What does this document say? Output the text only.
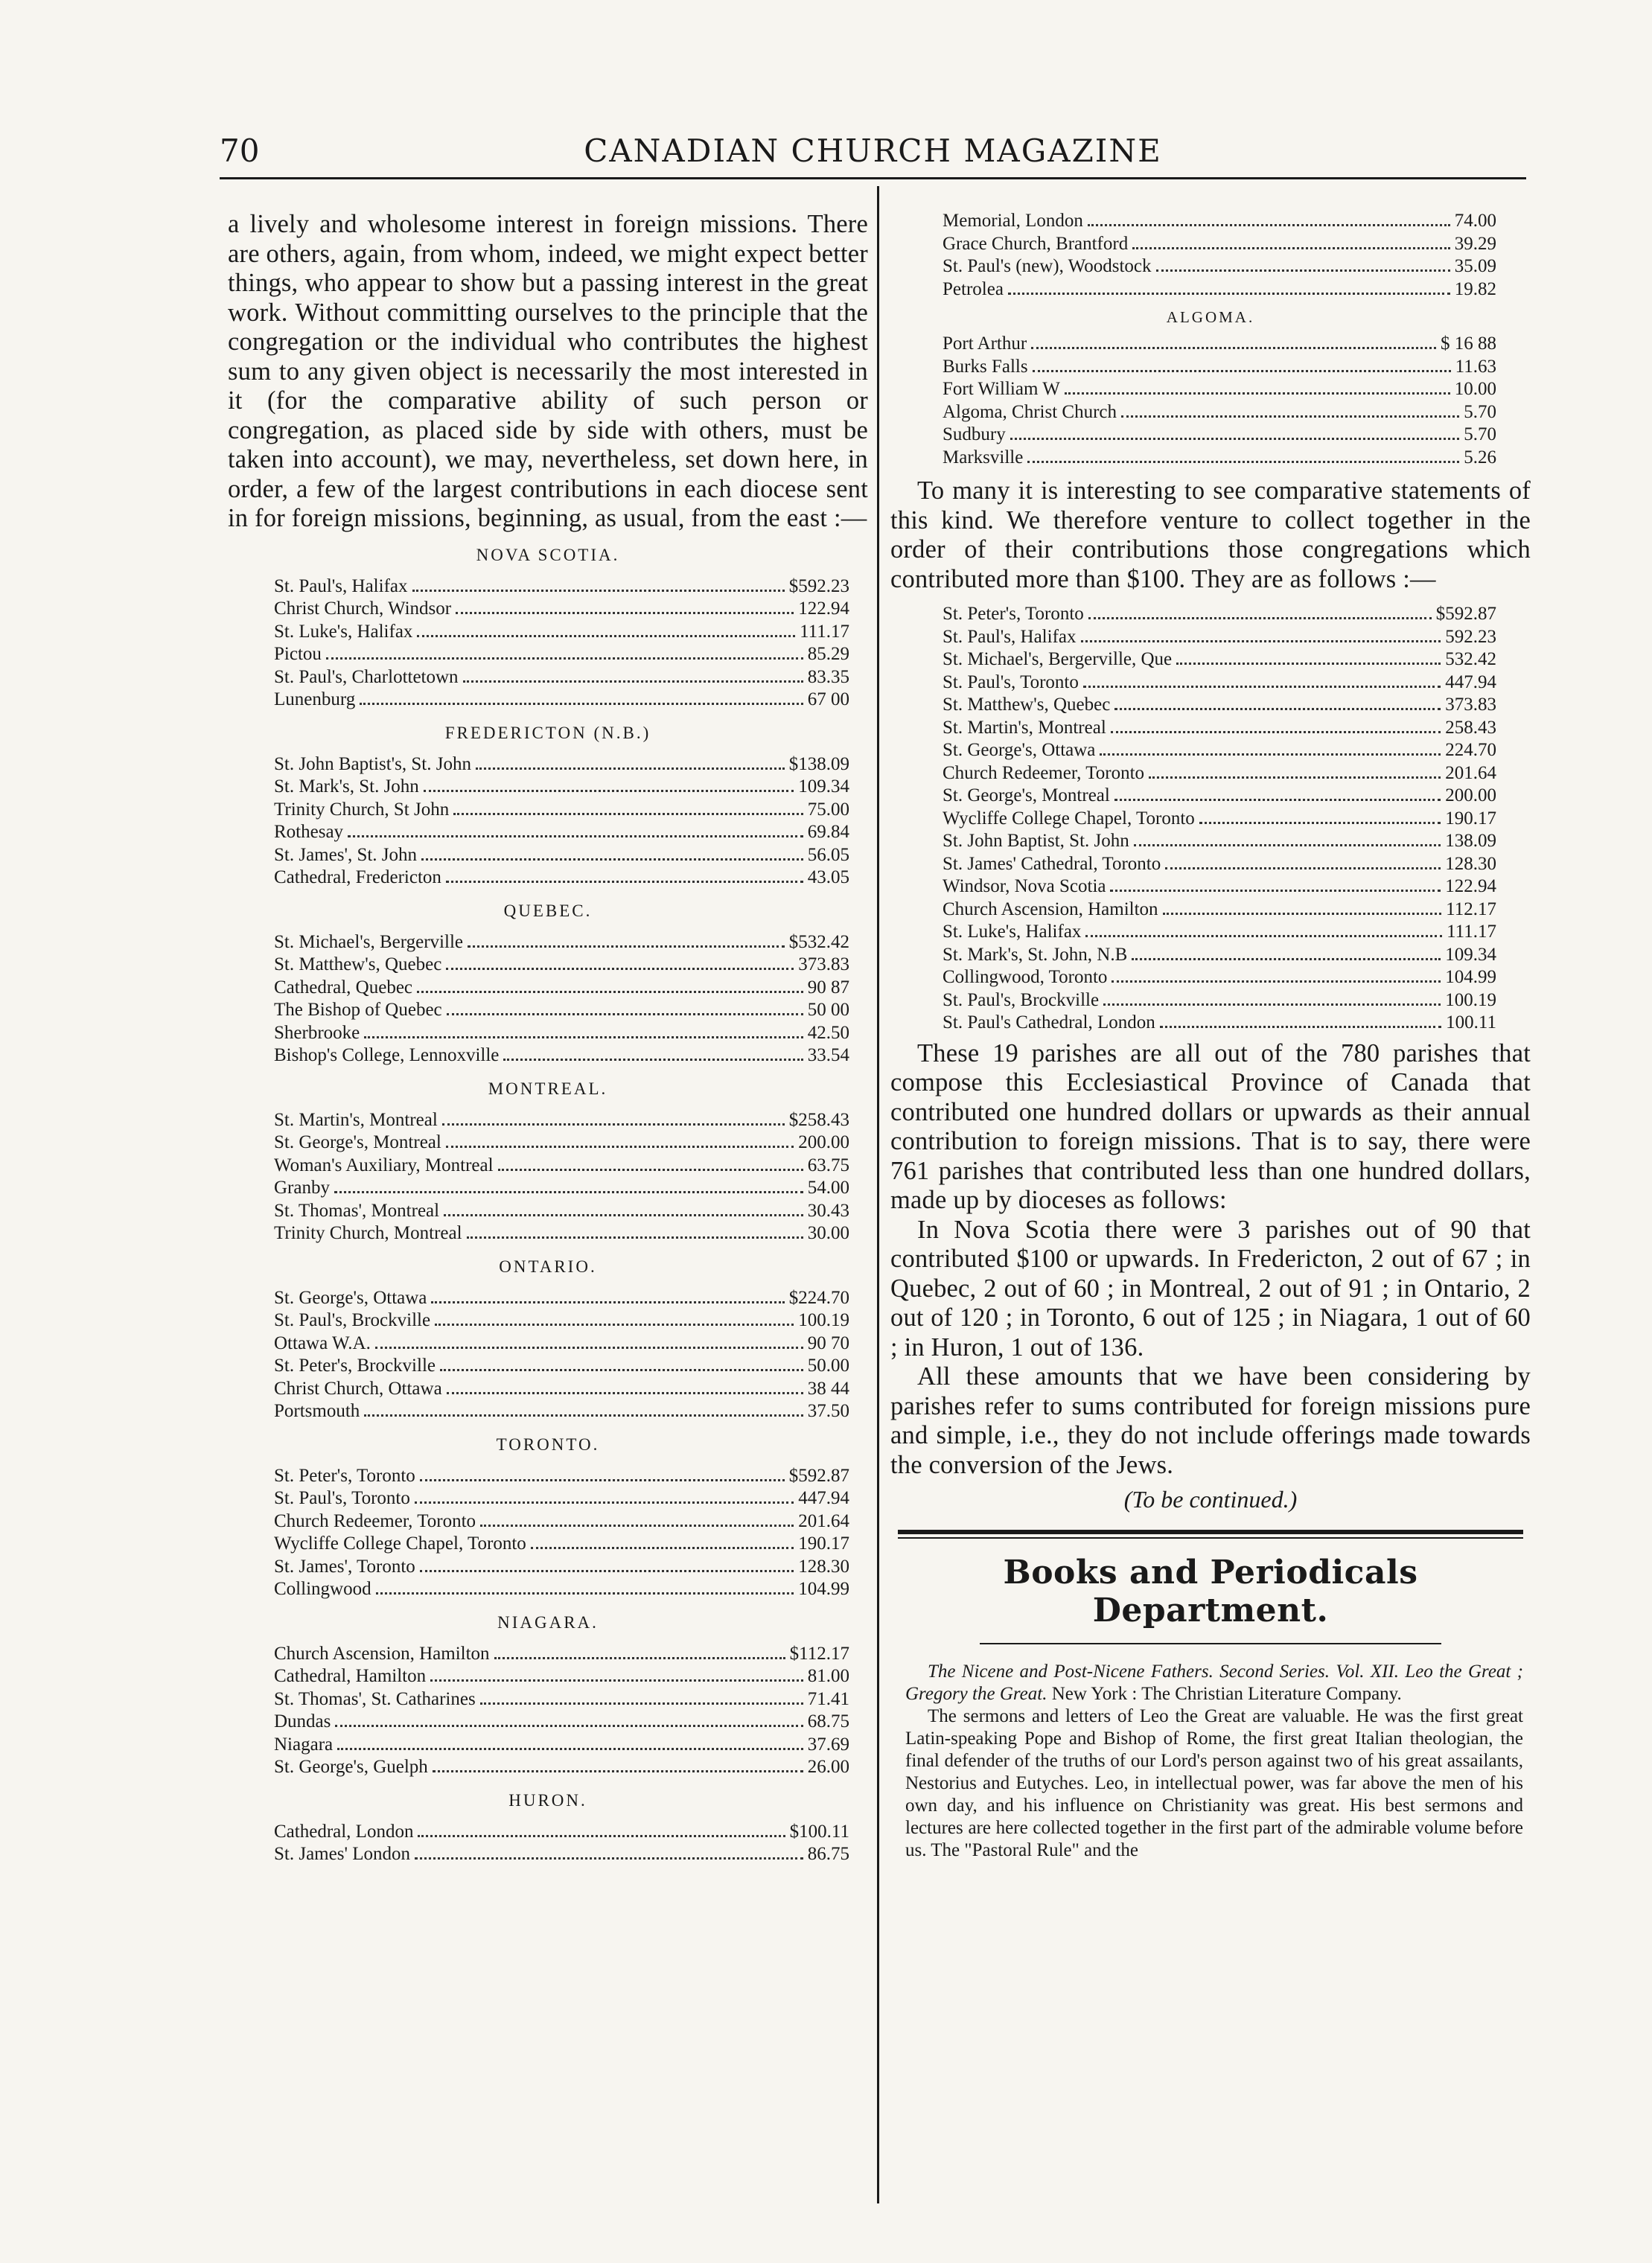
70	CANADIAN CHURCH MAGAZINE

a lively and wholesome interest in foreign missions. There are others, again, from whom, indeed, we might expect better things, who appear to show but a passing interest in the great work. Without committing ourselves to the principle that the congregation or the individual who contributes the highest sum to any given object is necessarily the most interested in it (for the comparative ability of such person or congregation, as placed side by side with others, must be taken into account), we may, nevertheless, set down here, in order, a few of the largest contributions in each diocese sent in for foreign missions, beginning, as usual, from the east :—

NOVA SCOTIA.
St. Paul's, Halifax	$592.23
Christ Church, Windsor	122.94
St. Luke's, Halifax	111.17
Pictou	85.29
St. Paul's, Charlottetown	83.35
Lunenburg	67 00
FREDERICTON (N.B.)
St. John Baptist's, St. John	$138.09
St. Mark's, St. John	109.34
Trinity Church, St John	75.00
Rothesay	69.84
St. James', St. John	56.05
Cathedral, Fredericton	43.05
QUEBEC.
St. Michael's, Bergerville	$532.42
St. Matthew's, Quebec	373.83
Cathedral, Quebec	90 87
The Bishop of Quebec	50 00
Sherbrooke	42.50
Bishop's College, Lennoxville	33.54
MONTREAL.
St. Martin's, Montreal	$258.43
St. George's, Montreal	200.00
Woman's Auxiliary, Montreal	63.75
Granby	54.00
St. Thomas', Montreal	30.43
Trinity Church, Montreal	30.00
ONTARIO.
St. George's, Ottawa	$224.70
St. Paul's, Brockville	100.19
Ottawa W.A.	90 70
St. Peter's, Brockville	50.00
Christ Church, Ottawa	38 44
Portsmouth	37.50
TORONTO.
St. Peter's, Toronto	$592.87
St. Paul's, Toronto	447.94
Church Redeemer, Toronto	201.64
Wycliffe College Chapel, Toronto	190.17
St. James', Toronto	128.30
Collingwood	104.99
NIAGARA.
Church Ascension, Hamilton	$112.17
Cathedral, Hamilton	81.00
St. Thomas', St. Catharines	71.41
Dundas	68.75
Niagara	37.69
St. George's, Guelph	26.00
HURON.
Cathedral, London	$100.11
St. James' London	86.75
Memorial, London	74.00
Grace Church, Brantford	39.29
St. Paul's (new), Woodstock	35.09
Petrolea	19.82
ALGOMA.
Port Arthur	$ 16 88
Burks Falls	11.63
Fort William W	10.00
Algoma, Christ Church	5.70
Sudbury	5.70
Marksville	5.26

To many it is interesting to see comparative statements of this kind. We therefore venture to collect together in the order of their contributions those congregations which contributed more than $100. They are as follows :—

St. Peter's, Toronto	$592.87
St. Paul's, Halifax	592.23
St. Michael's, Bergerville, Que	532.42
St. Paul's, Toronto	447.94
St. Matthew's, Quebec	373.83
St. Martin's, Montreal	258.43
St. George's, Ottawa	224.70
Church Redeemer, Toronto	201.64
St. George's, Montreal	200.00
Wycliffe College Chapel, Toronto	190.17
St. John Baptist, St. John	138.09
St. James' Cathedral, Toronto	128.30
Windsor, Nova Scotia	122.94
Church Ascension, Hamilton	112.17
St. Luke's, Halifax	111.17
St. Mark's, St. John, N.B	109.34
Collingwood, Toronto	104.99
St. Paul's, Brockville	100.19
St. Paul's Cathedral, London	100.11

These 19 parishes are all out of the 780 parishes that compose this Ecclesiastical Province of Canada that contributed one hundred dollars or upwards as their annual contribution to foreign missions. That is to say, there were 761 parishes that contributed less than one hundred dollars, made up by dioceses as follows:

In Nova Scotia there were 3 parishes out of 90 that contributed $100 or upwards. In Fredericton, 2 out of 67 ; in Quebec, 2 out of 60 ; in Montreal, 2 out of 91 ; in Ontario, 2 out of 120 ; in Toronto, 6 out of 125 ; in Niagara, 1 out of 60 ; in Huron, 1 out of 136.

All these amounts that we have been considering by parishes refer to sums contributed for foreign missions pure and simple, i.e., they do not include offerings made towards the conversion of the Jews.

(To be continued.)
Books and Periodicals Department.

The Nicene and Post-Nicene Fathers. Second Series. Vol. XII. Leo the Great ; Gregory the Great. New York : The Christian Literature Company.

The sermons and letters of Leo the Great are valuable. He was the first great Latin-speaking Pope and Bishop of Rome, the first great Italian theologian, the final defender of the truths of our Lord's person against two of his great assailants, Nestorius and Eutyches. Leo, in intellectual power, was far above the men of his own day, and his influence on Christianity was great. His best sermons and lectures are here collected together in the first part of the admirable volume before us. The "Pastoral Rule" and the
